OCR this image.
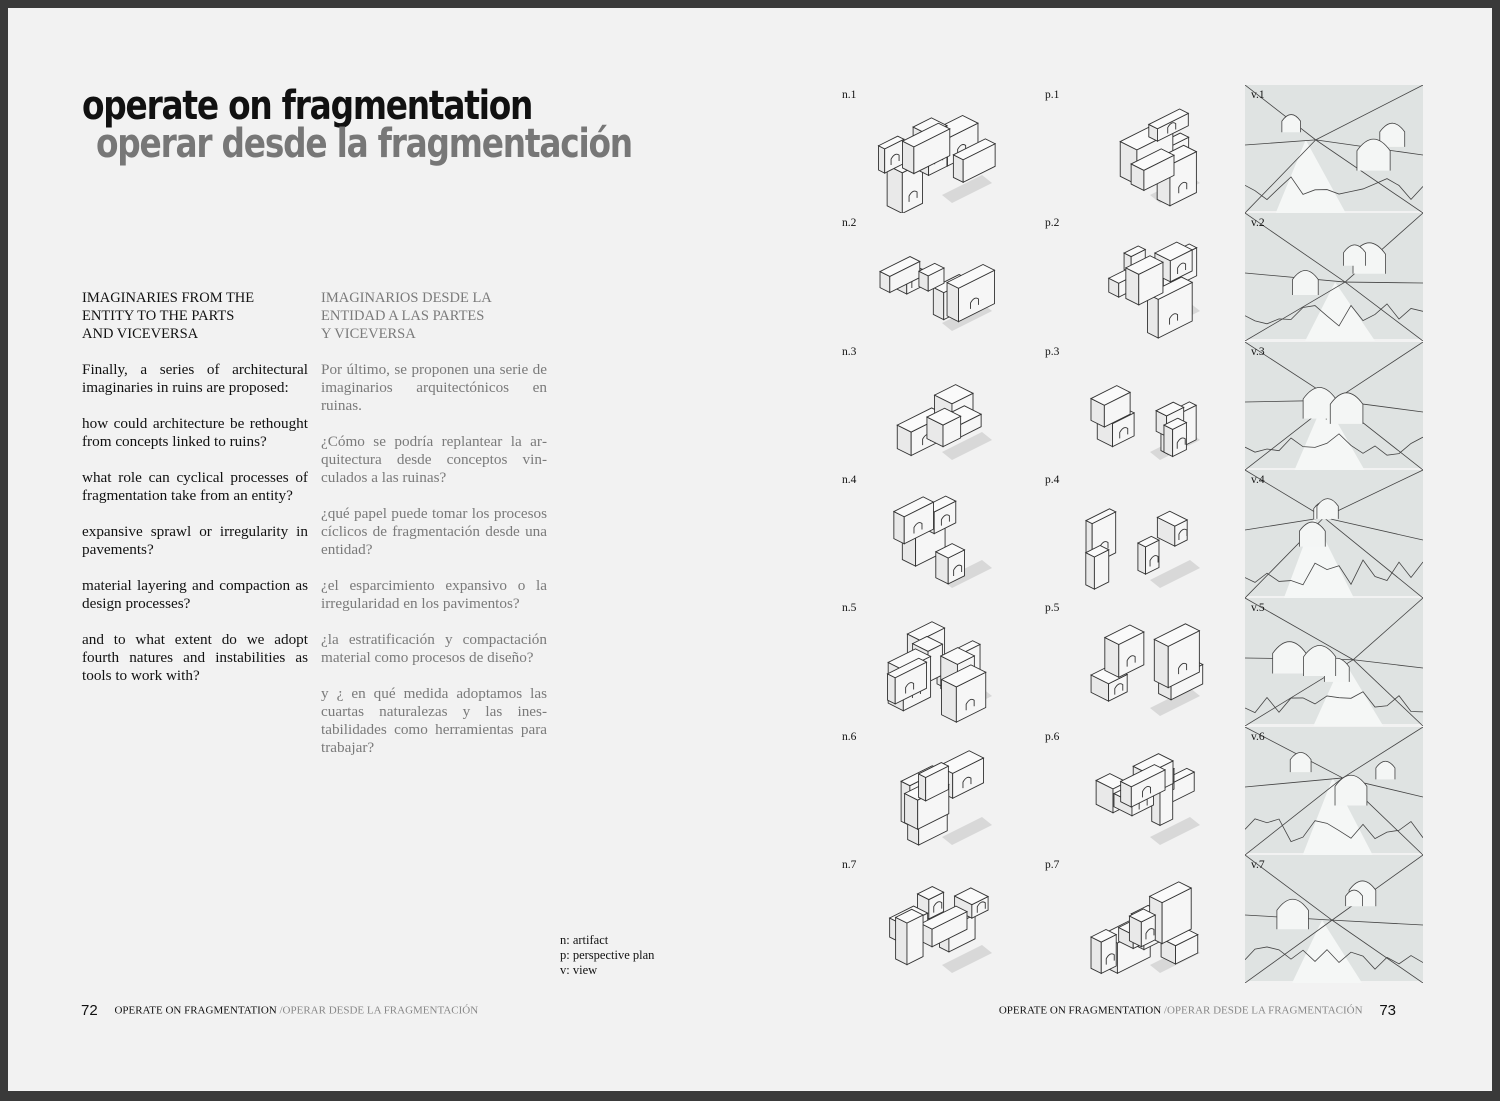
operate on fragmentation
operar desde la fragmentación
IMAGINARIES FROM THE
ENTITY TO THE PARTS
AND VICEVERSA

Finally, a series of architectural imaginaries in ruins are proposed:

how could architecture be rethought from concepts linked to ruins?

what role can cyclical processes of fragmentation take from an entity?

expansive sprawl or irregularity in pavements?

material layering and compaction as design processes?

and to what extent do we adopt fourth natures and instabilities as tools to work with?

IMAGINARIOS DESDE LA
ENTIDAD A LAS PARTES
Y VICEVERSA

Por último, se proponen una serie de imaginarios arquitectónicos en ruinas.

¿Cómo se podría replantear la arquitectura desde conceptos vinculados a las ruinas?

¿qué papel puede tomar los procesos cíclicos de fragmentación desde una entidad?

¿el esparcimiento expansivo o la irregularidad en los pavimentos?

¿la estratificación y compactación material como procesos de diseño?

y ¿ en qué medida adoptamos las cuartas naturalezas y las inestabilidades como herramientas para trabajar?

n: artifact
p: perspective plan
v: view
n.1
n.2
n.3
n.4
n.5
n.6
n.7
p.1
p.2
p.3
p.4
p.5
p.6
p.7
v.1
v.2
v.3
v.4
v.5
v.6
v.7
72 OPERATE ON FRAGMENTATION /OPERAR DESDE LA FRAGMENTACIÓN	OPERATE ON FRAGMENTATION /OPERAR DESDE LA FRAGMENTACIÓN 73
